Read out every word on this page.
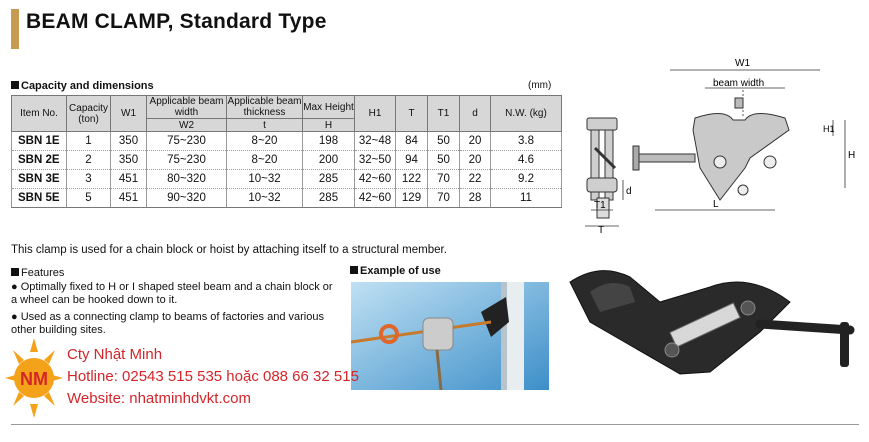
BEAM CLAMP, Standard Type
Capacity and dimensions	(mm)
Item No.	Capacity (ton)	W1	Applicable beam width	Applicable beam thickness	Max Height	H1	T	T1	d	N.W. (kg)
			W2	t	H					
SBN 1E	1	350	75~230	8~20	198	32~48	84	50	20	3.8
SBN 2E	2	350	75~230	8~20	200	32~50	94	50	20	4.6
SBN 3E	3	451	80~320	10~32	285	42~60	122	70	22	9.2
SBN 5E	5	451	90~320	10~32	285	42~60	129	70	28	11
T1
T
d
W1
beam width
H1
H
L
This clamp is used for a chain block or hoist by attaching itself to a structural member.
Features
● Optimally fixed to H or I shaped steel beam and a chain block or a wheel can be hooked down to it.
● Used as a connecting clamp to beams of factories and various other building sites.
Example of use
NM
Cty Nhật Minh
Hotline: 02543 515 535 hoặc 088 66 32 515
Website: nhatminhdvkt.com
